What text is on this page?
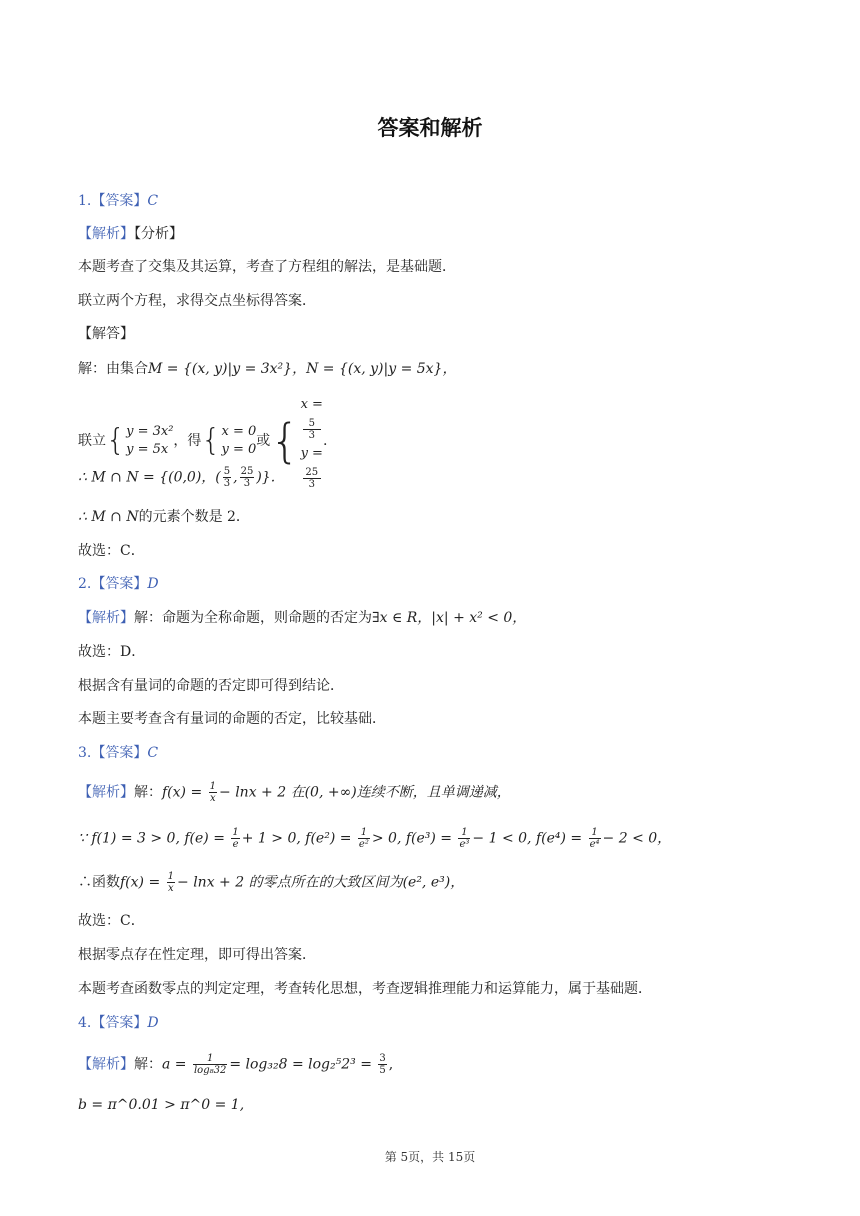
答案和解析
1.【答案】C
【解析】【分析】
本题考查了交集及其运算，考查了方程组的解法，是基础题．
联立两个方程，求得交点坐标得答案．
【解答】
解：由集合M = {(x, y)|y = 3x²}，N = {(x, y)|y = 5x}，
联立{ y = 3x²
y = 5x
，得{ x = 0
y = 0
或{
x =
5
3
y =
25
3
.
∴ M ∩ N = {(0,0)，( $\frac{5}{3}$ , $\frac{25}{3}$ )}.
∴ M ∩ N的元素个数是 2．
故选：C．
2.【答案】D
【解析】解：命题为全称命题，则命题的否定为∃x ∈ R，|x| + x² < 0，
故选：D．
根据含有量词的命题的否定即可得到结论．
本题主要考查含有量词的命题的否定，比较基础．
3.【答案】C
【解析】解：$f(x) = \frac{1}{x} - \ln x + 2$ 在(0, +∞)连续不断，且单调递减，
∵ f(1) = 3 > 0, $f(e) = \frac{1}{e} + 1 > 0$, $f(e^2) = \frac{1}{\text{e²}} > 0$, $f(e^3) = \frac{1}{\text{e³}} - 1 < 0$, $f(e^4) = \frac{1}{\text{e⁴}} - 2 < 0$，
∴函数$f(x) = \frac{1}{x} - \ln x + 2$ 的零点所在的大致区间为(e², e³)，
故选：C．
根据零点存在性定理，即可得出答案．
本题考查函数零点的判定定理，考查转化思想，考查逻辑推理能力和运算能力，属于基础题．
4.【答案】D
【解析】解：$a = \frac{1}{\text{log₈32}} = \log_{32}8 = \log_2^52^3 = \frac{3}{5}$ ,
b = π^0.01 > π^0 = 1,
第 5页，共 15页
